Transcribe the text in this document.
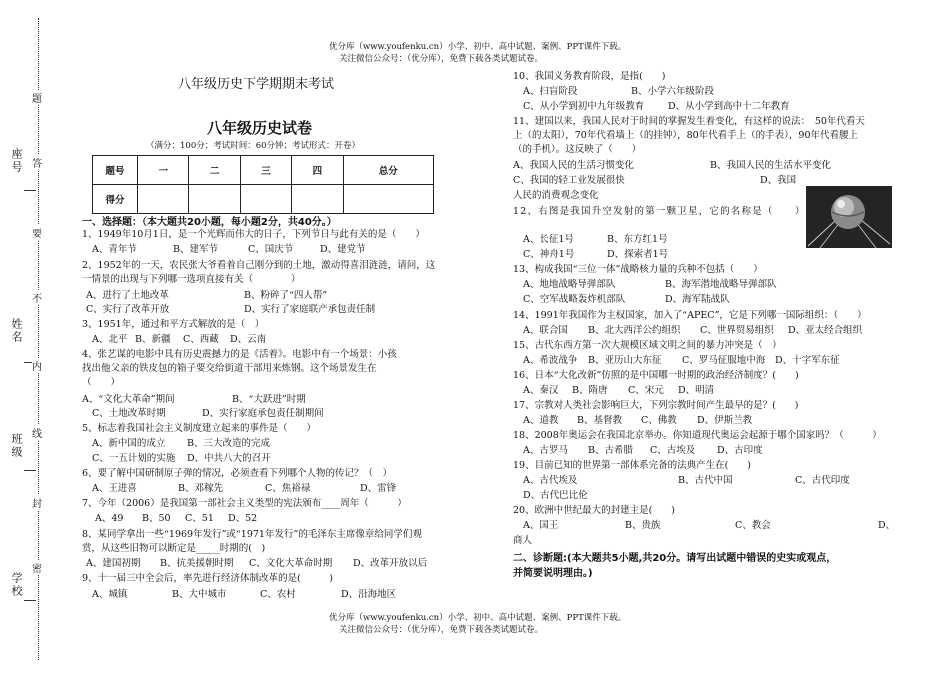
优分库（www.youfenku.cn）小学、初中、高中试题、案例、PPT课件下载。
关注微信公众号：（优分库），免费下载各类试题试卷。
优分库（www.youfenku.cn）小学、初中、高中试题、案例、PPT课件下载。
关注微信公众号：（优分库），免费下载各类试题试卷。
学校
班级
姓名
座号
密
封
线
内
不
要
答
题
八年级历史下学期期末考试
八年级历史试卷
（满分：100分；考试时间：60分钟；考试形式：开卷）
题号	一	二	三	四	总分
得分					
一、选择题：（本大题共20小题，每小题2分，共40分。）
1、1949年10月1日，是一个光辉而伟大的日子，下列节日与此有关的是（　　）
A、青年节	B、建军节	C、国庆节	D、建党节
2、1952年的一天，农民张大爷看着自己刚分到的土地，激动得喜泪涟涟，请问，这
一情景的出现与下列哪一选项直接有关（　　　　）
A、进行了土地改革	B、粉碎了“四人帮”
C、实行了改革开放	D、实行了家庭联产承包责任制
3、1951年，通过和平方式解放的是（　）
A、北平 B、新疆 C、西藏 D、云南
4、张艺谋的电影中具有历史震撼力的是《活着》。电影中有一个场景：小孩
找出他父亲的铁皮包的箱子要交给街道干部用来炼钢。这个场景发生在
（　　）
A、“文化大革命”期间	B、“大跃进”时期
C、土地改革时期	D、实行家庭承包责任制期间
5、标志着我国社会主义制度建立起来的事件是（　　）
A、新中国的成立 B、三大改造的完成
C、一五计划的实施 D、中共八大的召开
6、要了解中国研制原子弹的情况，必须查看下列哪个人物的传记？（　）
A、王进喜	B、邓稼先	C、焦裕禄	D、雷锋
7、今年（2006）是我国第一部社会主义类型的宪法颁布____周年（　　　）
A、49 B、50 C、51 D、52
8、某同学拿出一些“1969年发行”或“1971年发行”的毛泽东主席像章给同学们观
赏，从这些旧物可以断定是_____时期的(　)
A、建国初期 B、抗美援朝时期 C、文化大革命时期 D、改革开放以后
9、十一届三中全会后，率先进行经济体制改革的是(　　　)
A、城镇	B、大中城市	C、农村	D、沿海地区
10、我国义务教育阶段，是指(　　)
A、扫盲阶段	B、小学六年级阶段
C、从小学到初中九年级教育 D、从小学到高中十二年教育
11、建国以来，我国人民对于时间的掌握发生着变化，有这样的说法：　50年代看天
上（的太阳），70年代看墙上（的挂钟），80年代看手上（的手表），90年代看腰上
（的手机）。这反映了（　　）
A、我国人民的生活习惯变化	B、我国人民的生活水平变化
C、我国的轻工业发展很快	D、我国
人民的消费观念变化
12、右图是我国升空发射的第一颗卫星，它的名称是（　　）
A、长征1号	B、东方红1号
C、神舟1号	D、探索者1号
13、构成我国“三位一体”战略核力量的兵种不包括（　　）
A、地地战略导弹部队	B、海军潜地战略导弹部队
C、空军战略轰炸机部队	D、海军陆战队
14、1991年我国作为主权国家，加入了“APEC”，它是下列哪一国际组织：（　　）
A、联合国 B、北大西洋公约组织 C、世界贸易组织 D、亚太经合组织
15、古代东西方第一次大规模区域文明之间的暴力冲突是（　）
A、希波战争 B、亚历山大东征 C、罗马征服地中海 D、十字军东征
16、日本“大化改新”仿照的是中国哪一时期的政治经济制度？(　　)
A、秦汉 B、隋唐 C、宋元 D、明清
17、宗教对人类社会影响巨大，下列宗教时间产生最早的是？(　　)
A、道教 B、基督教 C、佛教 D、伊斯兰教
18、2008年奥运会在我国北京举办。你知道现代奥运会起源于哪个国家吗？（　　　）
A、古罗马 B、古希腊 C、古埃及 D、古印度
19、目前已知的世界第一部体系完备的法典产生在(　　)
A、古代埃及	B、古代中国	C、古代印度
D、古代巴比伦
20、欧洲中世纪最大的封建主是(　　)
A、国王	B、贵族	C、教会	D、
商人
二、诊断题:(本大题共5小题,共20分。请写出试题中错误的史实或观点，
并简要说明理由。)
